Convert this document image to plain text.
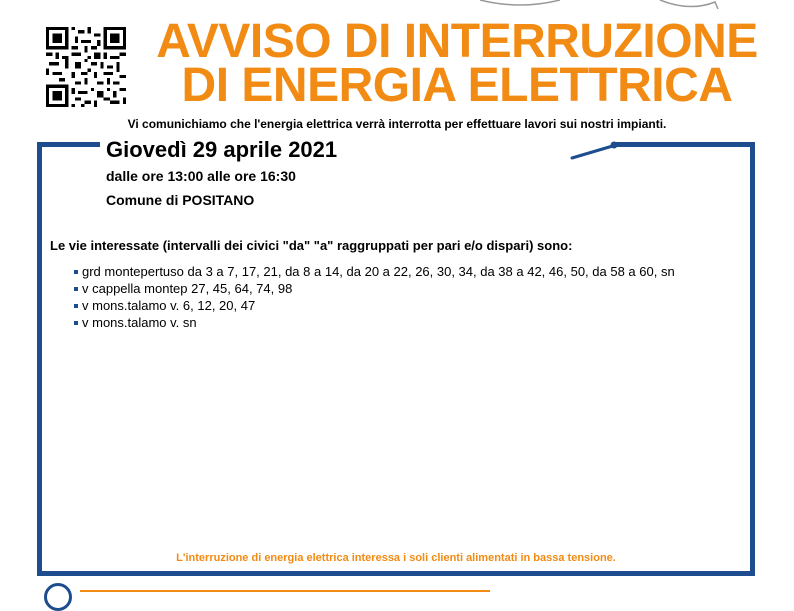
AVVISO DI INTERRUZIONE
DI ENERGIA ELETTRICA
Vi comunichiamo che l'energia elettrica verrà interrotta per effettuare lavori sui nostri impianti.
Giovedì 29 aprile 2021
dalle ore 13:00 alle ore 16:30
Comune di POSITANO
Le vie interessate (intervalli dei civici "da" "a" raggruppati per pari e/o dispari) sono:
grd montepertuso da 3 a 7, 17, 21, da 8 a 14, da 20 a 22, 26, 30, 34, da 38 a 42, 46, 50, da 58 a 60, sn
v cappella montep 27, 45, 64, 74, 98
v mons.talamo v. 6, 12, 20, 47
v mons.talamo v. sn
L'interruzione di energia elettrica interessa i soli clienti alimentati in bassa tensione.
